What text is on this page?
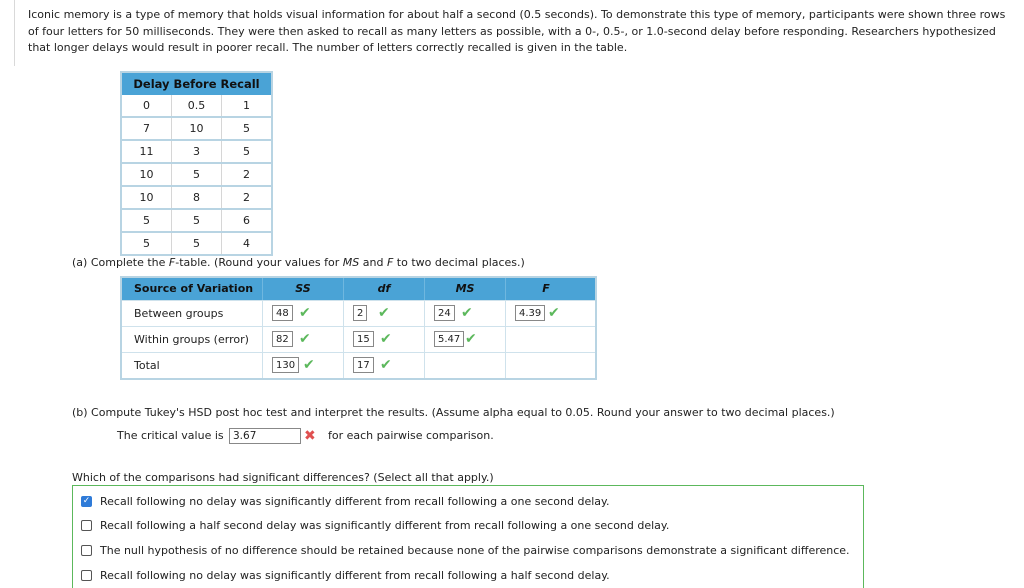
Iconic memory is a type of memory that holds visual information for about half a second (0.5 seconds). To demonstrate this type of memory, participants were shown three rows of four letters for 50 milliseconds. They were then asked to recall as many letters as possible, with a 0-, 0.5-, or 1.0-second delay before responding. Researchers hypothesized that longer delays would result in poorer recall. The number of letters correctly recalled is given in the table.

Delay Before Recall
0	0.5	1
7	10	5
11	3	5
10	5	2
10	8	2
5	5	6
5	5	4
(a) Complete the F-table. (Round your values for MS and F to two decimal places.)
Source of Variation	SS	df	MS	F
Between groups	48 ✔	2 ✔	24 ✔	4.39 ✔
Within groups (error)	82 ✔	15 ✔	5.47 ✔
Total	130 ✔	17 ✔
(b) Compute Tukey's HSD post hoc test and interpret the results. (Assume alpha equal to 0.05. Round your answer to two decimal places.)
The critical value is 3.67	✖ for each pairwise comparison.
Which of the comparisons had significant differences? (Select all that apply.)
✓ Recall following no delay was significantly different from recall following a one second delay.
Recall following a half second delay was significantly different from recall following a one second delay.
The null hypothesis of no difference should be retained because none of the pairwise comparisons demonstrate a significant difference.
Recall following no delay was significantly different from recall following a half second delay.
